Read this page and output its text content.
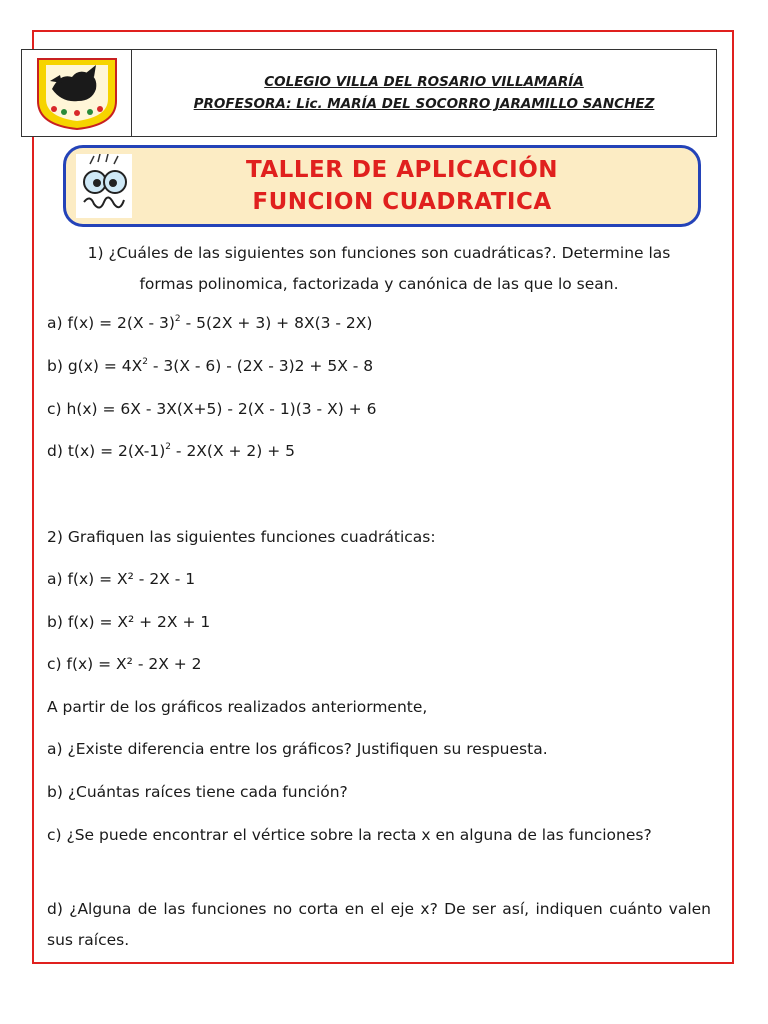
COLEGIO VILLA DEL ROSARIO VILLAMARÍA
PROFESORA: Lic. MARÍA DEL SOCORRO JARAMILLO SANCHEZ
TALLER DE APLICACIÓN
FUNCION CUADRATICA
1) ¿Cuáles de las siguientes son funciones son cuadráticas?. Determine las
formas polinomica, factorizada y canónica de las que lo sean.
a) f(x) = 2(X - 3)$^2$ - 5(2X + 3) + 8X(3 - 2X)
b) $g(x) = 4X^2 - 3(X - 6) - (2X - 3)2 + 5X - 8$
c) h(x) = 6X - 3X(X+5) - 2(X - 1)(3 - X) + 6
d) $t(x) = 2(X-1)^2 - 2X(X + 2) + 5$
2) Grafiquen las siguientes funciones cuadráticas:
a) f(x) = X² - 2X - 1
b) f(x) = X² + 2X + 1
c) f(x) = X² - 2X + 2
A partir de los gráficos realizados anteriormente,
a) ¿Existe diferencia entre los gráficos? Justifiquen su respuesta.
b) ¿Cuántas raíces tiene cada función?
c) ¿Se puede encontrar el vértice sobre la recta x en alguna de las funciones?
d) ¿Alguna de las funciones no corta en el eje x? De ser así, indiquen cuánto valen sus raíces.
